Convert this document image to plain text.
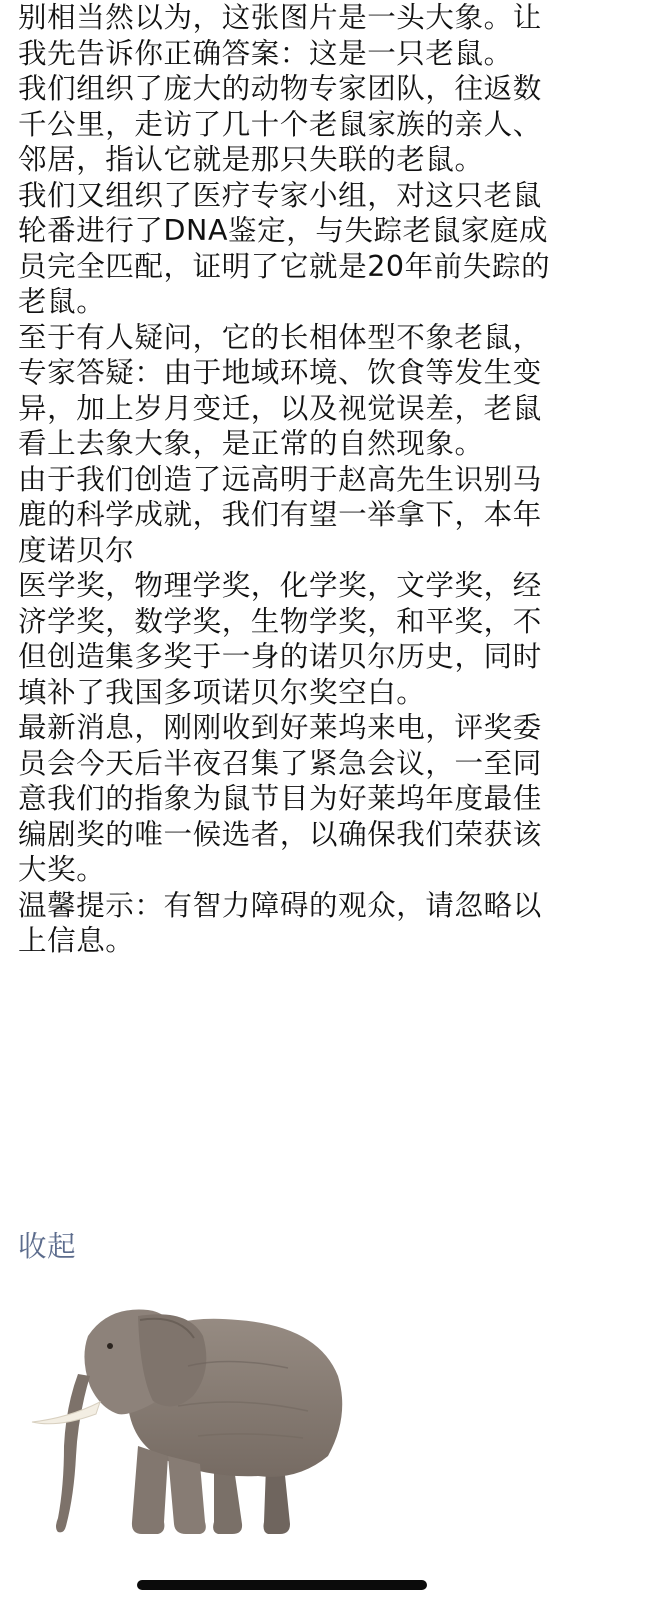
别相当然以为，这张图片是一头大象。让
我先告诉你正确答案：这是一只老鼠。
我们组织了庞大的动物专家团队，往返数
千公里，走访了几十个老鼠家族的亲人、
邻居，指认它就是那只失联的老鼠。
我们又组织了医疗专家小组，对这只老鼠
轮番进行了DNA鉴定，与失踪老鼠家庭成
员完全匹配，证明了它就是20年前失踪的
老鼠。
至于有人疑问，它的长相体型不象老鼠，
专家答疑：由于地域环境、饮食等发生变
异，加上岁月变迁，以及视觉误差，老鼠
看上去象大象，是正常的自然现象。
由于我们创造了远高明于赵高先生识别马
鹿的科学成就，我们有望一举拿下，本年
度诺贝尔
医学奖，物理学奖，化学奖，文学奖，经
济学奖，数学奖，生物学奖，和平奖，不
但创造集多奖于一身的诺贝尔历史，同时
填补了我国多项诺贝尔奖空白。
最新消息，刚刚收到好莱坞来电，评奖委
员会今天后半夜召集了紧急会议，一至同
意我们的指象为鼠节目为好莱坞年度最佳
编剧奖的唯一候选者，以确保我们荣获该
大奖。
温馨提示：有智力障碍的观众，请忽略以
上信息。
收起
